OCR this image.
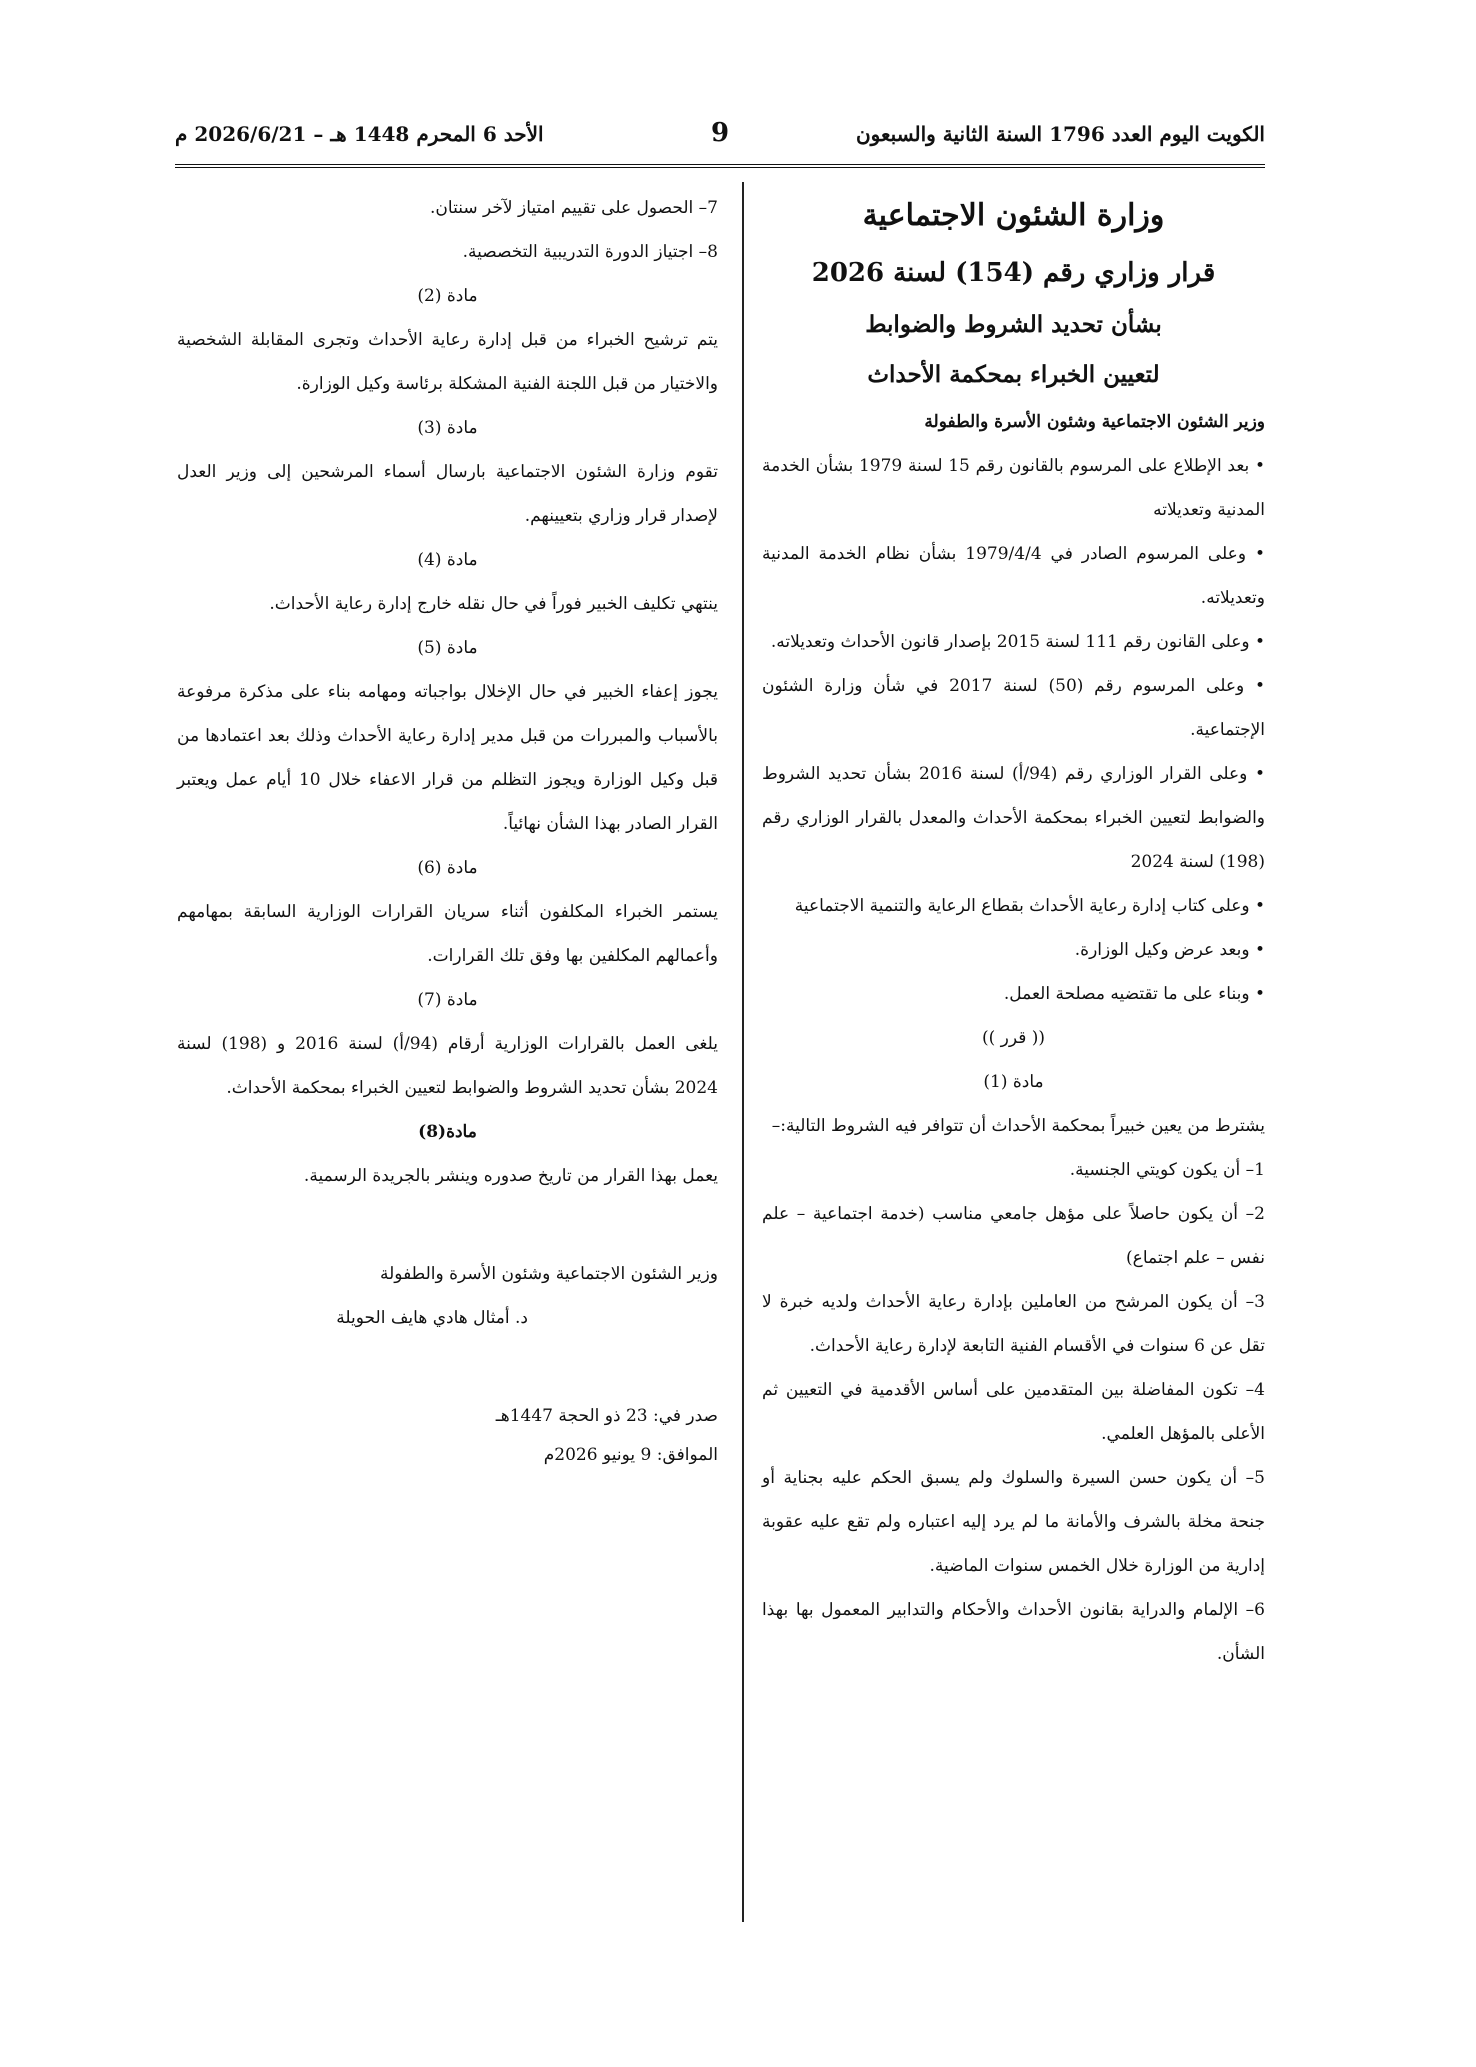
الكويت اليوم العدد 1796 السنة الثانية والسبعون
9
الأحد 6 المحرم 1448 هـ – 2026/6/21 م

وزارة الشئون الاجتماعية

قرار وزاري رقم (154) لسنة 2026

بشأن تحديد الشروط والضوابط

لتعيين الخبراء بمحكمة الأحداث

وزير الشئون الاجتماعية وشئون الأسرة والطفولة

• بعد الإطلاع على المرسوم بالقانون رقم 15 لسنة 1979 بشأن الخدمة المدنية وتعديلاته

• وعلى المرسوم الصادر في 1979/4/4 بشأن نظام الخدمة المدنية وتعديلاته.

• وعلى القانون رقم 111 لسنة 2015 بإصدار قانون الأحداث وتعديلاته.

• وعلى المرسوم رقم (50) لسنة 2017 في شأن وزارة الشئون الإجتماعية.

• وعلى القرار الوزاري رقم (94/أ) لسنة 2016 بشأن تحديد الشروط والضوابط لتعيين الخبراء بمحكمة الأحداث والمعدل بالقرار الوزاري رقم (198) لسنة 2024

• وعلى كتاب إدارة رعاية الأحداث بقطاع الرعاية والتنمية الاجتماعية

• وبعد عرض وكيل الوزارة.

• وبناء على ما تقتضيه مصلحة العمل.

(( قرر ))

مادة (1)

يشترط من يعين خبيراً بمحكمة الأحداث أن تتوافر فيه الشروط التالية:–

1– أن يكون كويتي الجنسية.

2– أن يكون حاصلاً على مؤهل جامعي مناسب (خدمة اجتماعية – علم نفس – علم اجتماع)

3– أن يكون المرشح من العاملين بإدارة رعاية الأحداث ولديه خبرة لا تقل عن 6 سنوات في الأقسام الفنية التابعة لإدارة رعاية الأحداث.

4– تكون المفاضلة بين المتقدمين على أساس الأقدمية في التعيين ثم الأعلى بالمؤهل العلمي.

5– أن يكون حسن السيرة والسلوك ولم يسبق الحكم عليه بجناية أو جنحة مخلة بالشرف والأمانة ما لم يرد إليه اعتباره ولم تقع عليه عقوبة إدارية من الوزارة خلال الخمس سنوات الماضية.

6– الإلمام والدراية بقانون الأحداث والأحكام والتدابير المعمول بها بهذا الشأن.

7– الحصول على تقييم امتياز لآخر سنتان.

8– اجتياز الدورة التدريبية التخصصية.

مادة (2)

يتم ترشيح الخبراء من قبل إدارة رعاية الأحداث وتجرى المقابلة الشخصية والاختيار من قبل اللجنة الفنية المشكلة برئاسة وكيل الوزارة.

مادة (3)

تقوم وزارة الشئون الاجتماعية بارسال أسماء المرشحين إلى وزير العدل لإصدار قرار وزاري بتعيينهم.

مادة (4)

ينتهي تكليف الخبير فوراً في حال نقله خارج إدارة رعاية الأحداث.

مادة (5)

يجوز إعفاء الخبير في حال الإخلال بواجباته ومهامه بناء على مذكرة مرفوعة بالأسباب والمبررات من قبل مدير إدارة رعاية الأحداث وذلك بعد اعتمادها من قبل وكيل الوزارة ويجوز التظلم من قرار الاعفاء خلال 10 أيام عمل ويعتبر القرار الصادر بهذا الشأن نهائياً.

مادة (6)

يستمر الخبراء المكلفون أثناء سريان القرارات الوزارية السابقة بمهامهم وأعمالهم المكلفين بها وفق تلك القرارات.

مادة (7)

يلغى العمل بالقرارات الوزارية أرقام (94/أ) لسنة 2016 و (198) لسنة 2024 بشأن تحديد الشروط والضوابط لتعيين الخبراء بمحكمة الأحداث.

مادة(8)

يعمل بهذا القرار من تاريخ صدوره وينشر بالجريدة الرسمية.

وزير الشئون الاجتماعية وشئون الأسرة والطفولة

د. أمثال هادي هايف الحويلة

صدر في: 23 ذو الحجة 1447هـ

الموافق: 9 يونيو 2026م
